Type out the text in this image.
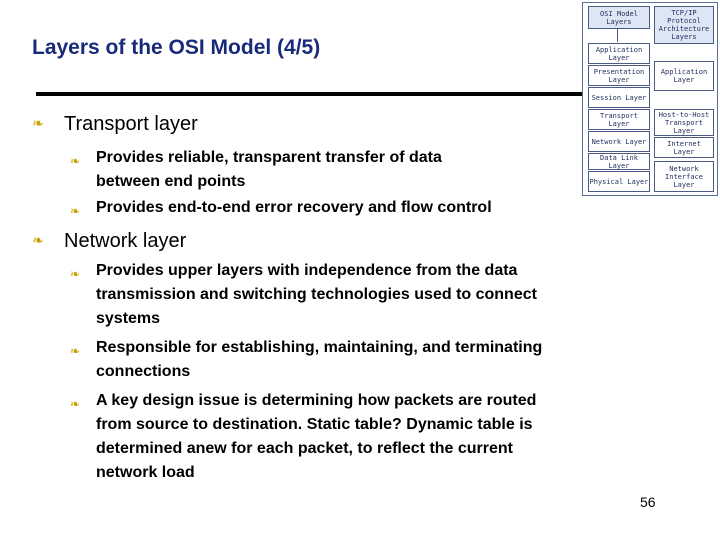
Layers of the OSI Model (4/5)
❧ Transport layer
❧ Provides reliable, transparent transfer of data
between end points
❧ Provides end-to-end error recovery and flow control
❧ Network layer
❧ Provides upper layers with independence from the data
transmission and switching technologies used to connect
systems
❧ Responsible for establishing, maintaining, and terminating
connections
❧ A key design issue is determining how packets are routed
from source to destination. Static table? Dynamic table is
determined anew for each packet, to reflect the current
network load
56
OSI Model Layers
TCP/IP Protocol Architecture Layers
Application Layer
Presentation Layer
Session Layer
Transport Layer
Network Layer
Data Link Layer
Physical Layer
Application Layer
Host-to-Host Transport Layer
Internet Layer
Network Interface Layer
